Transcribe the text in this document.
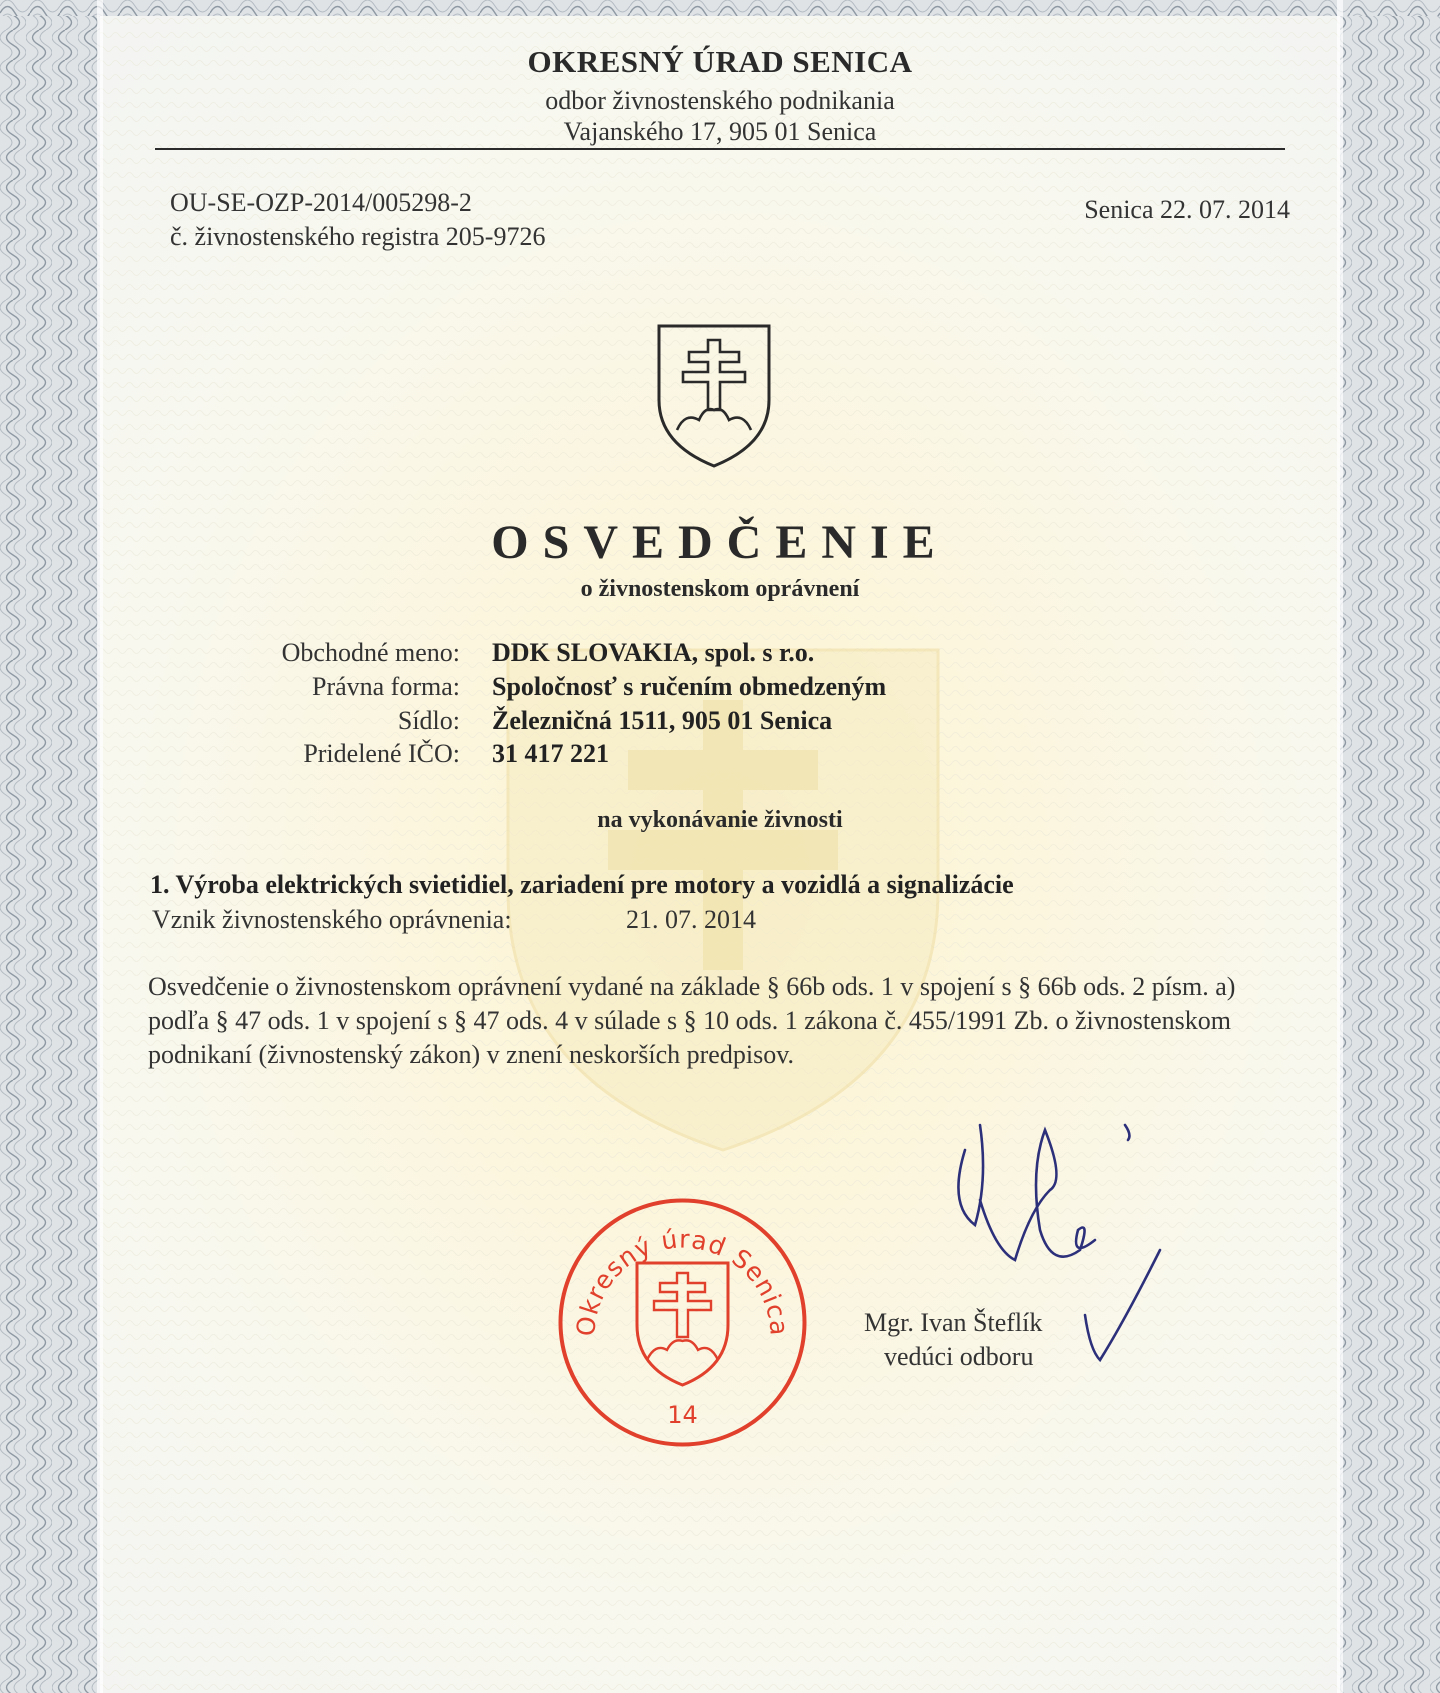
OKRESNÝ ÚRAD SENICA
odbor živnostenského podnikania
Vajanského 17, 905 01 Senica
OU-SE-OZP-2014/005298-2
č. živnostenského registra 205-9726
Senica 22. 07. 2014
OSVEDČENIE
o živnostenskom oprávnení
Obchodné meno: DDK SLOVAKIA, spol. s r.o.
Právna forma: Spoločnosť s ručením obmedzeným
Sídlo: Železničná 1511, 905 01 Senica
Pridelené IČO: 31 417 221
na vykonávanie živnosti
1. Výroba elektrických svietidiel, zariadení pre motory a vozidlá a signalizácie
Vznik živnostenského oprávnenia:	21. 07. 2014
Osvedčenie o živnostenskom oprávnení vydané na základe § 66b ods. 1 v spojení s § 66b ods. 2 písm. a) podľa § 47 ods. 1 v spojení s § 47 ods. 4 v súlade s § 10 ods. 1 zákona č. 455/1991 Zb. o živnostenskom podnikaní (živnostenský zákon) v znení neskorších predpisov.
Okresný úrad Senica
14
Mgr. Ivan Šteflík
vedúci odboru
